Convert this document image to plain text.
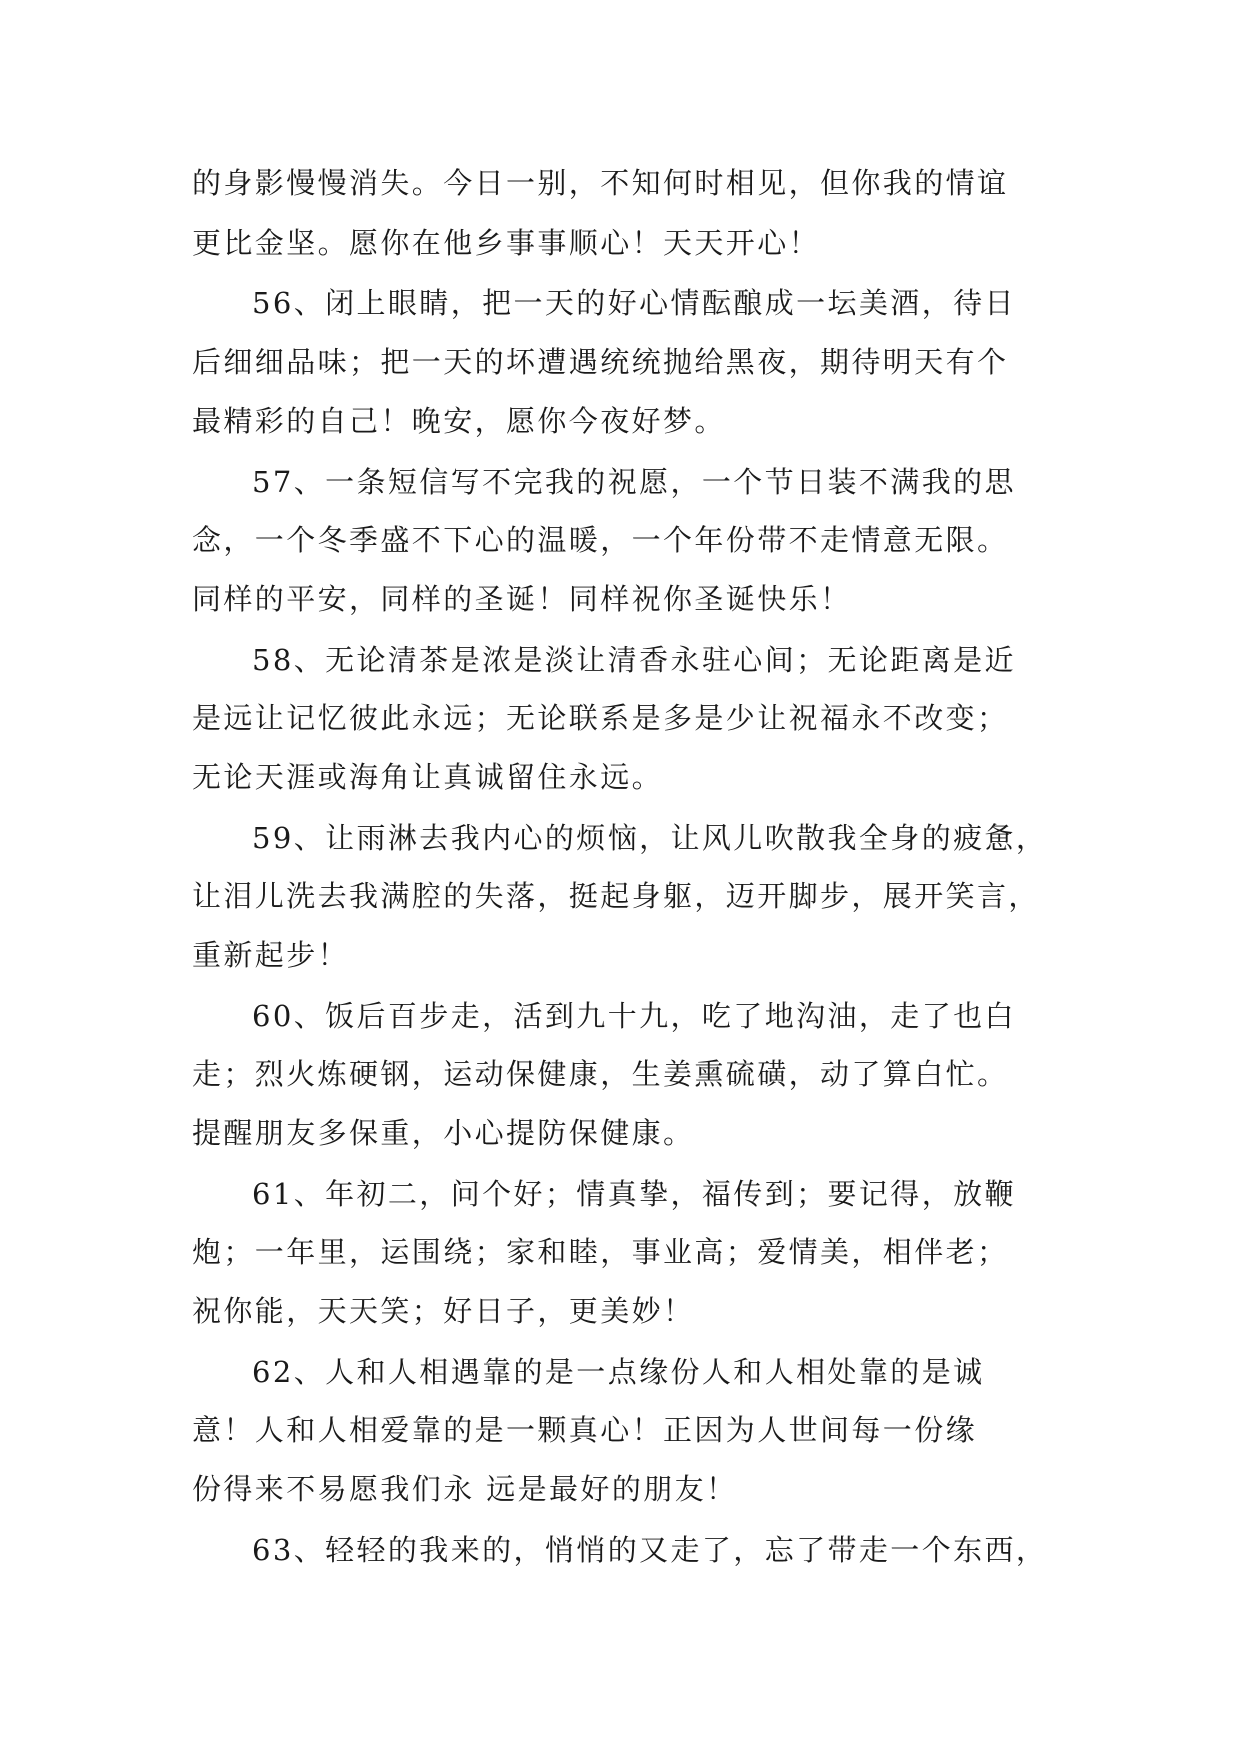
的身影慢慢消失。今日一别，不知何时相见，但你我的情谊
更比金坚。愿你在他乡事事顺心！天天开心！
56、闭上眼睛，把一天的好心情酝酿成一坛美酒，待日
后细细品味；把一天的坏遭遇统统抛给黑夜，期待明天有个
最精彩的自己！晚安，愿你今夜好梦。
57、一条短信写不完我的祝愿，一个节日装不满我的思
念，一个冬季盛不下心的温暖，一个年份带不走情意无限。
同样的平安，同样的圣诞！同样祝你圣诞快乐！
58、无论清茶是浓是淡让清香永驻心间；无论距离是近
是远让记忆彼此永远；无论联系是多是少让祝福永不改变；
无论天涯或海角让真诚留住永远。
59、让雨淋去我内心的烦恼，让风儿吹散我全身的疲惫，
让泪儿洗去我满腔的失落，挺起身躯，迈开脚步，展开笑言，
重新起步！
60、饭后百步走，活到九十九，吃了地沟油，走了也白
走；烈火炼硬钢，运动保健康，生姜熏硫磺，动了算白忙。
提醒朋友多保重，小心提防保健康。
61、年初二，问个好；情真挚，福传到；要记得，放鞭
炮；一年里，运围绕；家和睦，事业高；爱情美，相伴老；
祝你能，天天笑；好日子，更美妙！
62、人和人相遇靠的是一点缘份人和人相处靠的是诚
意！人和人相爱靠的是一颗真心！正因为人世间每一份缘
份得来不易愿我们永 远是最好的朋友！
63、轻轻的我来的，悄悄的又走了，忘了带走一个东西，
